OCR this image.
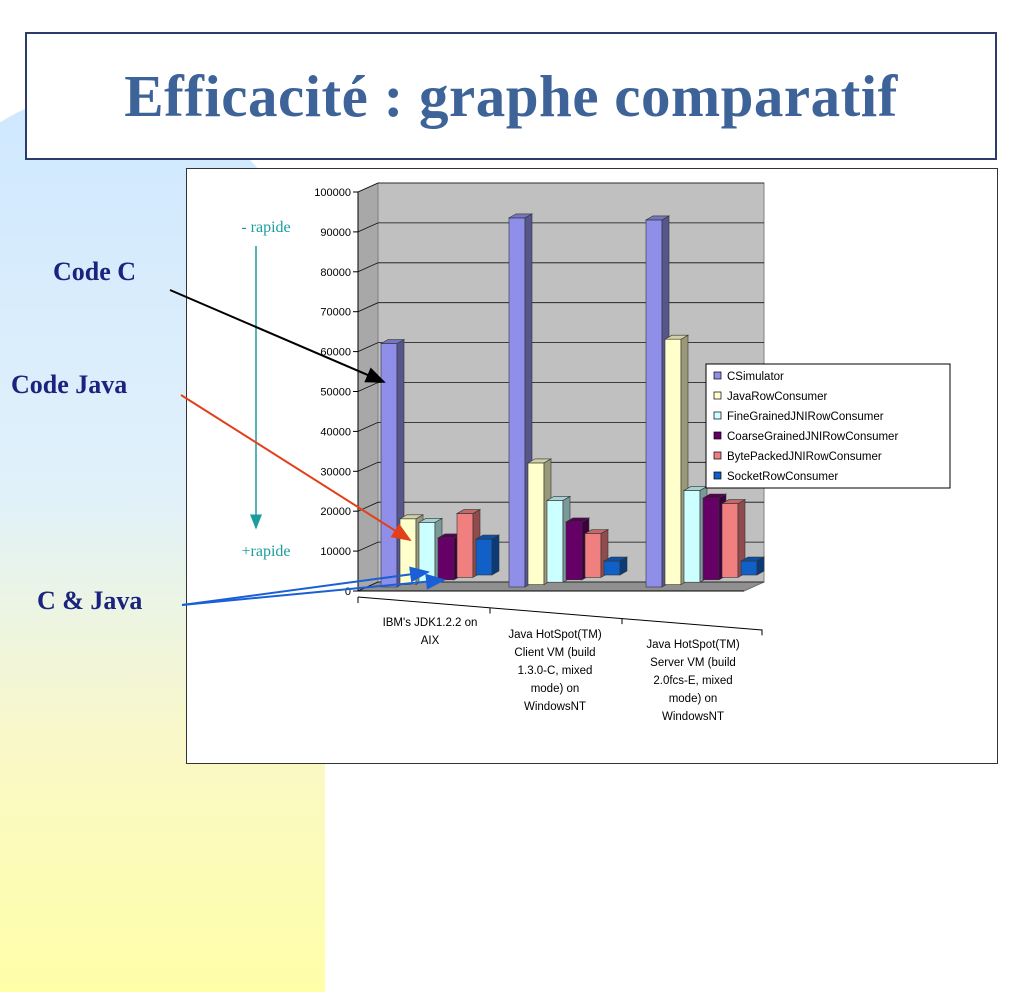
Efficacité : graphe comparatif
0
10000
20000
30000
40000
50000
60000
70000
80000
90000
100000
IBM's JDK1.2.2 on AIX	Java HotSpot(TM) Client VM (build 1.3.0-C, mixed mode) on WindowsNT
Java HotSpot(TM) Server VM (build 2.0fcs-E, mixed mode) on WindowsNT
CSimulator
JavaRowConsumer
FineGrainedJNIRowConsumer
CoarseGrainedJNIRowConsumer
BytePackedJNIRowConsumer
SocketRowConsumer
- rapide
+rapide
Code C
Code Java
C & Java
